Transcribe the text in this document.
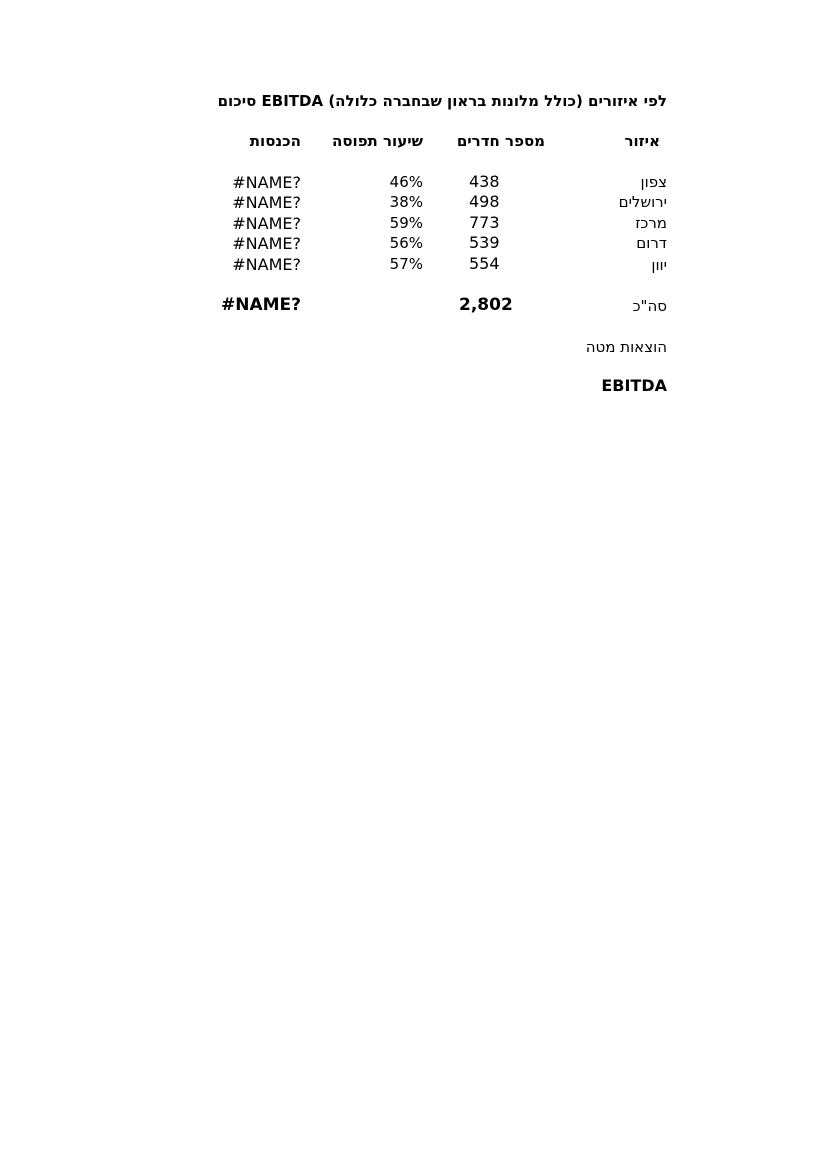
לפי איזורים (כולל מלונות בראון שבחברה כלולה) EBITDA סיכום
איזור
מספר חדרים
שיעור תפוסה
הכנסות
צפון
438
46%
#NAME?
ירושלים
498
38%
#NAME?
מרכז
773
59%
#NAME?
דרום
539
56%
#NAME?
יוון
554
57%
#NAME?
סה"כ
2,802
#NAME?
הוצאות מטה
EBITDA
